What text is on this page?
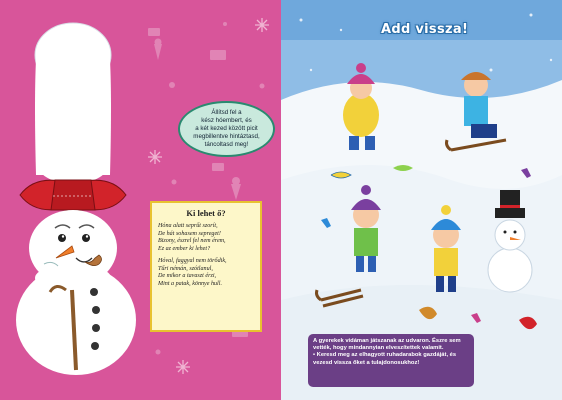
Állítsd fel a
kész hóembert, és
a két kezed között picit
megbillentve hintáztasd,
táncoltasd meg!
Ki lehet ő?

Hóna alatt seprűt szorít,
De hát sohasem sepreget!
Bizony, észrel fel nem érem,
Ez az ember ki lehet?

Hóval, faggyal nem törődik,
Tűri némán, szótlanul,
De mikor a tavaszt érzi,
Mint a patak, könnye hull.

Add vissza!
A gyerekek vidáman játszanak az udvaron. Észre sem
vették, hogy mindannyian elveszítettek valamit.
• Keresd meg az elhagyott ruhadarabok gazdáját, és
vezesd vissza őket a tulajdonosukhoz!
